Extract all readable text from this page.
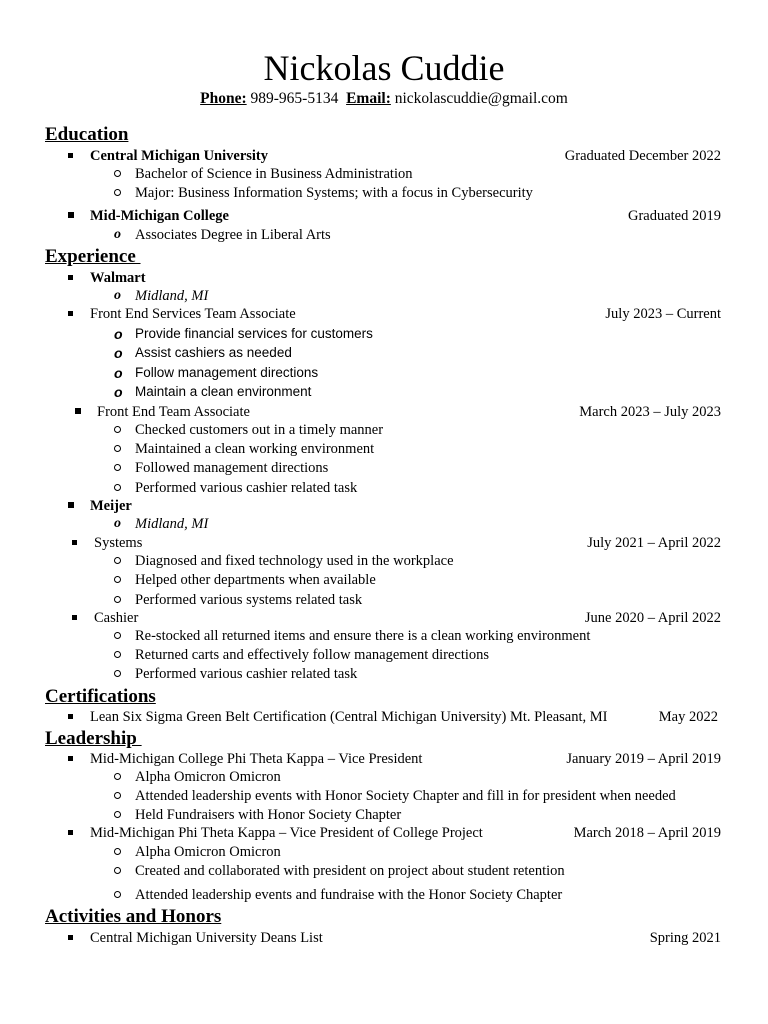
Nickolas Cuddie
Phone: 989-965-5134 Email: nickolascuddie@gmail.com
Education
Central Michigan University	Graduated December 2022
Bachelor of Science in Business Administration
Major: Business Information Systems; with a focus in Cybersecurity
Mid-Michigan College	Graduated 2019
o Associates Degree in Liberal Arts
Experience
Walmart
o Midland, MI
Front End Services Team Associate	July 2023 – Current
o Provide financial services for customers
o Assist cashiers as needed
o Follow management directions
o Maintain a clean environment
Front End Team Associate	March 2023 – July 2023
Checked customers out in a timely manner
Maintained a clean working environment
Followed management directions
Performed various cashier related task
Meijer
o Midland, MI
Systems	July 2021 – April 2022
Diagnosed and fixed technology used in the workplace
Helped other departments when available
Performed various systems related task
Cashier	June 2020 – April 2022
Re-stocked all returned items and ensure there is a clean working environment
Returned carts and effectively follow management directions
Performed various cashier related task
Certifications
Lean Six Sigma Green Belt Certification (Central Michigan University) Mt. Pleasant, MI	May 2022
Leadership
Mid-Michigan College Phi Theta Kappa – Vice President	January 2019 – April 2019
Alpha Omicron Omicron
Attended leadership events with Honor Society Chapter and fill in for president when needed
Held Fundraisers with Honor Society Chapter
Mid-Michigan Phi Theta Kappa – Vice President of College Project	March 2018 – April 2019
Alpha Omicron Omicron
Created and collaborated with president on project about student retention
Attended leadership events and fundraise with the Honor Society Chapter
Activities and Honors
Central Michigan University Deans List	Spring 2021
